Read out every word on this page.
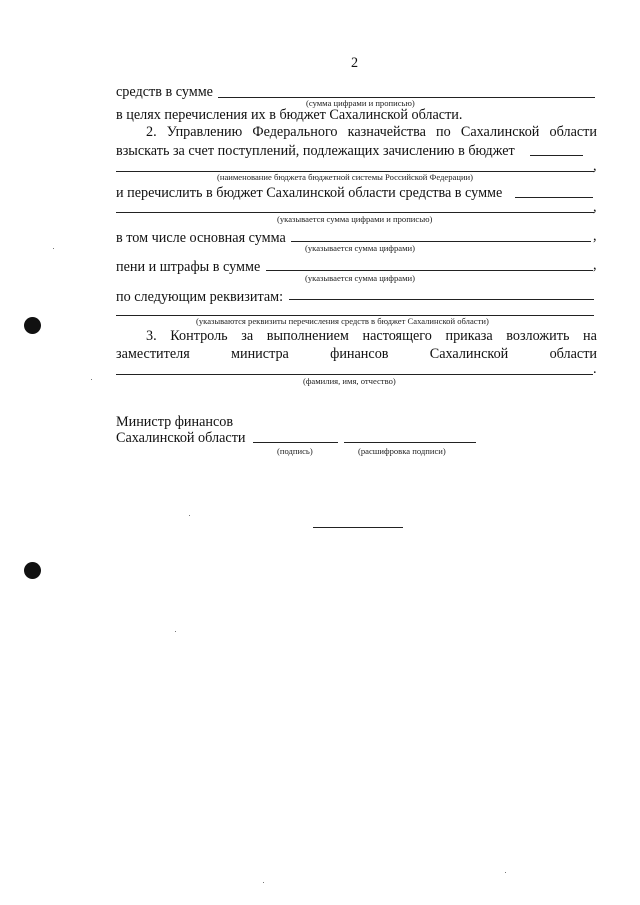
2
средств в сумме
(сумма цифрами и прописью)
в целях перечисления их в бюджет Сахалинской области.
2. Управлению Федерального казначейства по Сахалинской области
взыскать за счет поступлений, подлежащих зачислению в бюджет
,
(наименование бюджета бюджетной системы Российской Федерации)
и перечислить в бюджет Сахалинской области средства в сумме
,
(указывается сумма цифрами и прописью)
в том числе основная сумма	,
(указывается сумма цифрами)
пени и штрафы в сумме	,
(указывается сумма цифрами)
по следующим реквизитам:
(указываются реквизиты перечисления средств в бюджет Сахалинской области)
3. Контроль за выполнением настоящего приказа возложить на
заместителя	министра	финансов	Сахалинской	области
.
(фамилия, имя, отчество)
Министр финансов
Сахалинской области
(подпись)	(расшифровка подписи)
